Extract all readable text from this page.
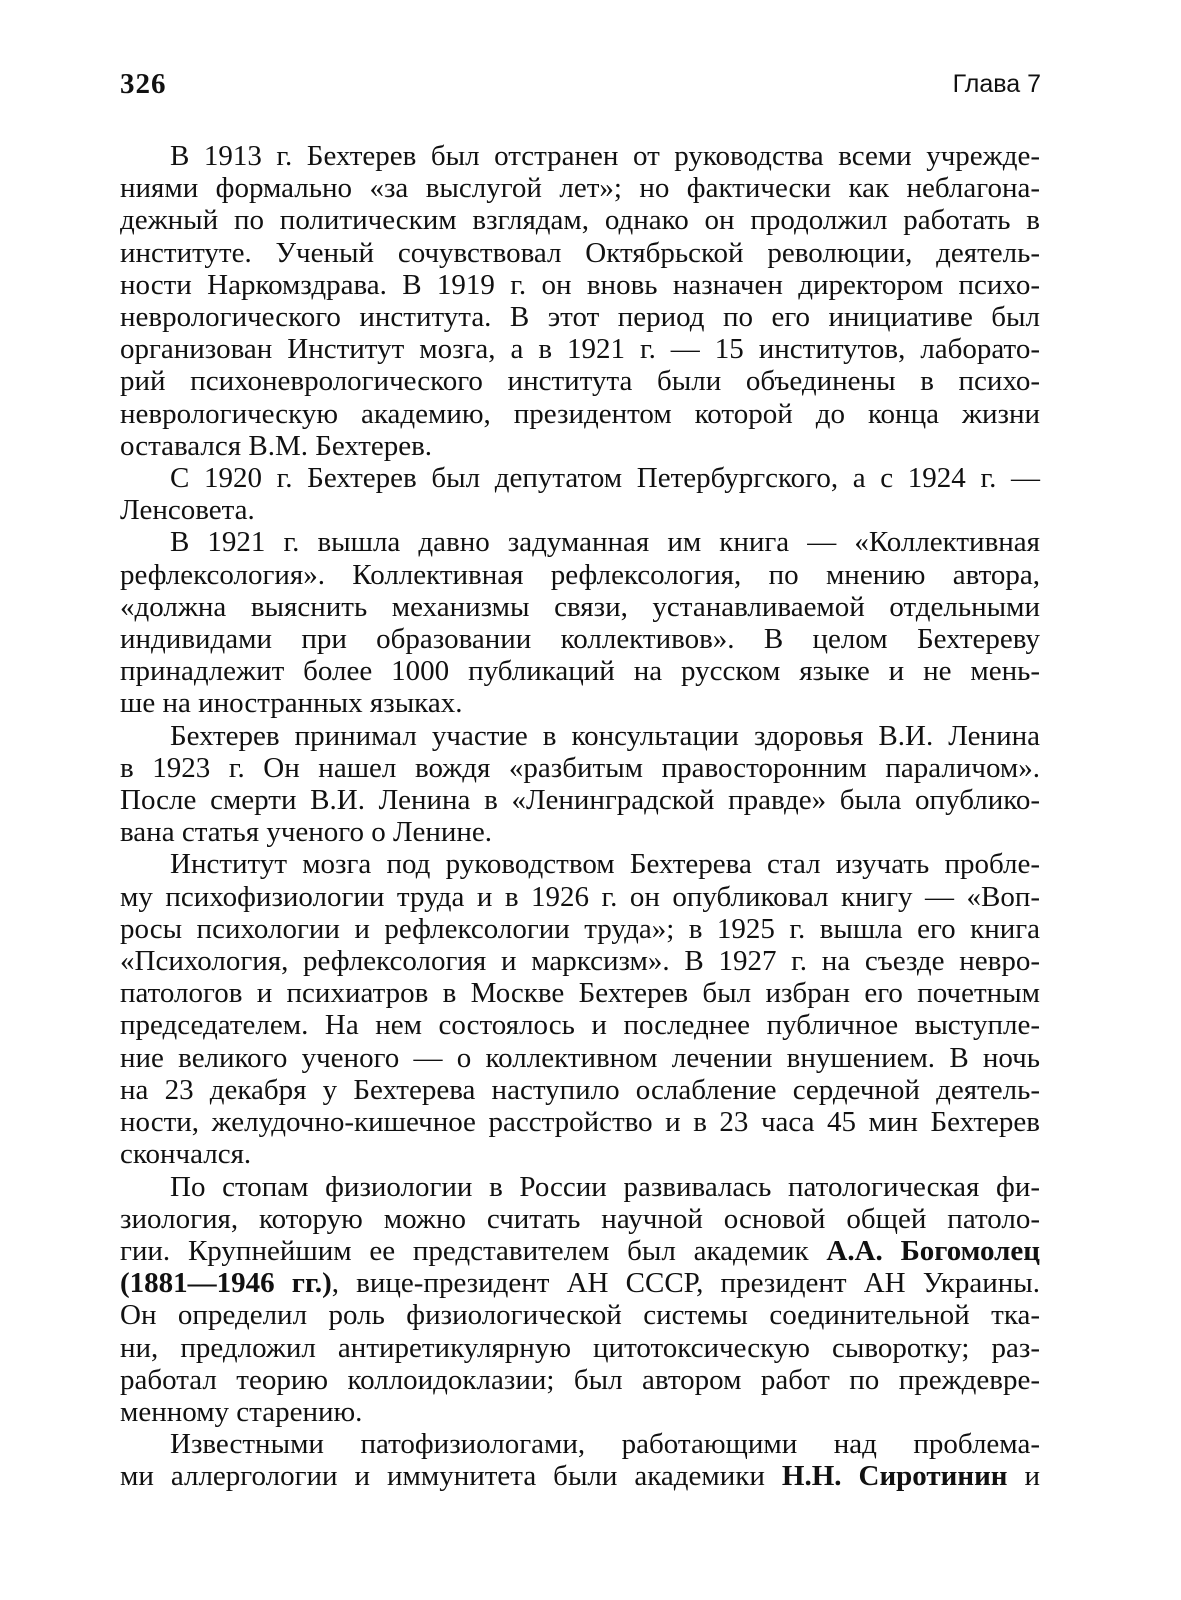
326	Глава 7
В 1913 г. Бехтерев был отстранен от руководства всеми учрежде-
ниями формально «за выслугой лет»; но фактически как неблагона-
дежный по политическим взглядам, однако он продолжил работать в
институте. Ученый сочувствовал Октябрьской революции, деятель-
ности Наркомздрава. В 1919 г. он вновь назначен директором психо-
неврологического института. В этот период по его инициативе был
организован Институт мозга, а в 1921 г. — 15 институтов, лаборато-
рий психоневрологического института были объединены в психо-
неврологическую академию, президентом которой до конца жизни
оставался В.М. Бехтерев.
С 1920 г. Бехтерев был депутатом Петербургского, а с 1924 г. —
Ленсовета.
В 1921 г. вышла давно задуманная им книга — «Коллективная
рефлексология». Коллективная рефлексология, по мнению автора,
«должна выяснить механизмы связи, устанавливаемой отдельными
индивидами при образовании коллективов». В целом Бехтереву
принадлежит более 1000 публикаций на русском языке и не мень-
ше на иностранных языках.
Бехтерев принимал участие в консультации здоровья В.И. Ленина
в 1923 г. Он нашел вождя «разбитым правосторонним параличом».
После смерти В.И. Ленина в «Ленинградской правде» была опублико-
вана статья ученого о Ленине.
Институт мозга под руководством Бехтерева стал изучать пробле-
му психофизиологии труда и в 1926 г. он опубликовал книгу — «Воп-
росы психологии и рефлексологии труда»; в 1925 г. вышла его книга
«Психология, рефлексология и марксизм». В 1927 г. на съезде невро-
патологов и психиатров в Москве Бехтерев был избран его почетным
председателем. На нем состоялось и последнее публичное выступле-
ние великого ученого — о коллективном лечении внушением. В ночь
на 23 декабря у Бехтерева наступило ослабление сердечной деятель-
ности, желудочно-кишечное расстройство и в 23 часа 45 мин Бехтерев
скончался.
По стопам физиологии в России развивалась патологическая фи-
зиология, которую можно считать научной основой общей патоло-
гии. Крупнейшим ее представителем был академик А.А. Богомолец
(1881—1946 гг.), вице-президент АН СССР, президент АН Украины.
Он определил роль физиологической системы соединительной тка-
ни, предложил антиретикулярную цитотоксическую сыворотку; раз-
работал теорию коллоидоклазии; был автором работ по преждевре-
менному старению.
Известными патофизиологами, работающими над проблема-
ми аллергологии и иммунитета были академики Н.Н. Сиротинин и
